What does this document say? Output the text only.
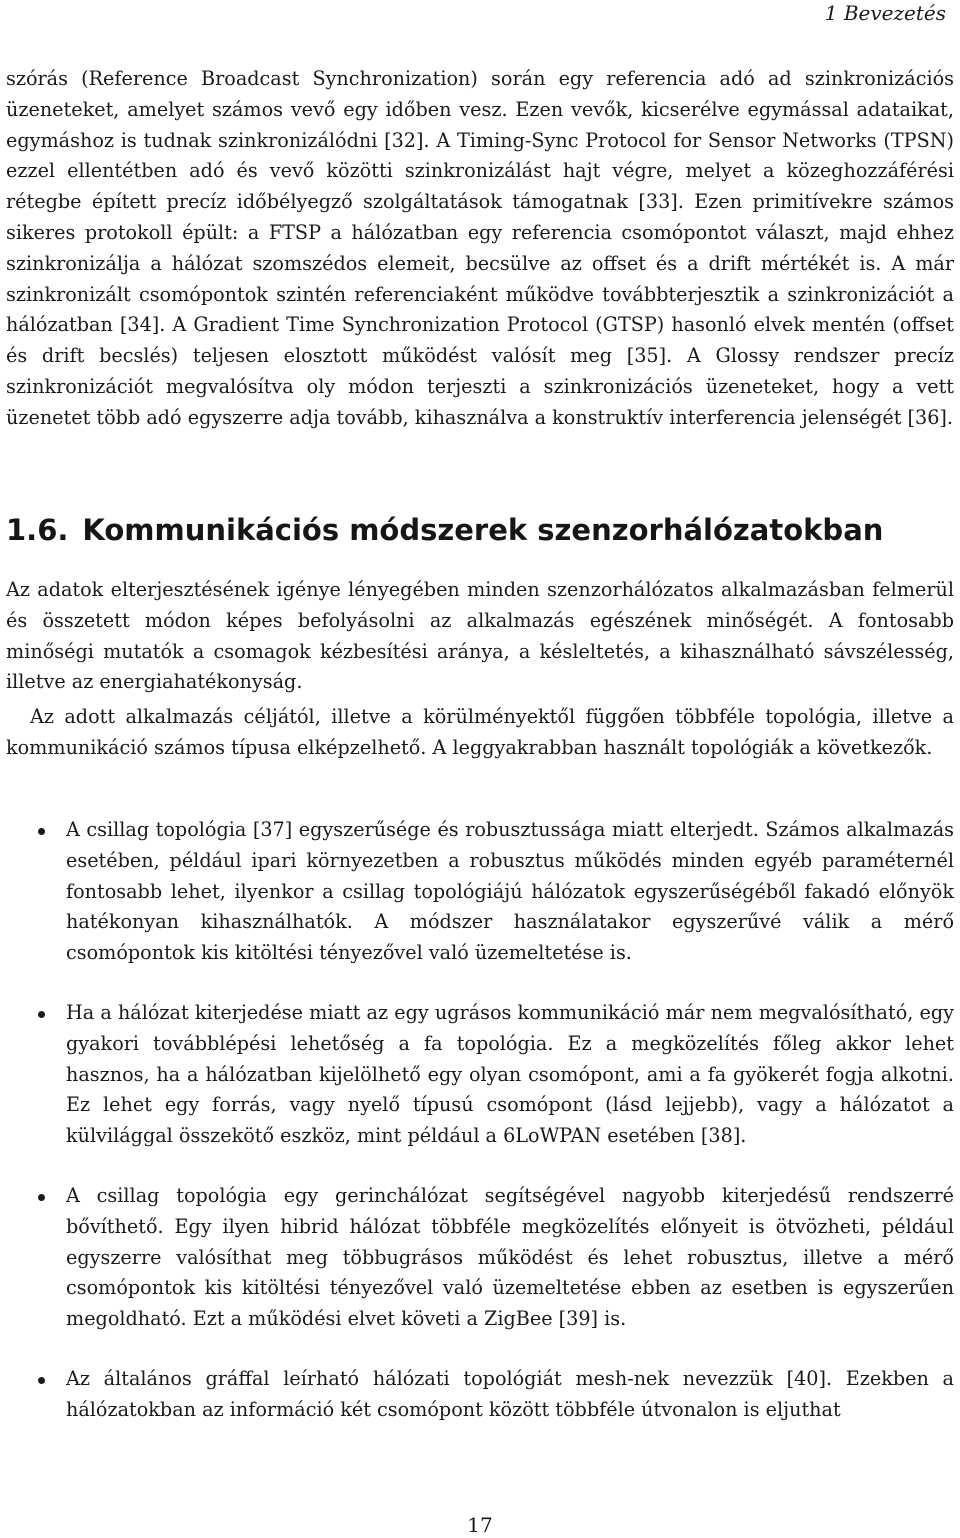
1 Bevezetés

szórás (Reference Broadcast Synchronization) során egy referencia adó ad szinkronizációs üzeneteket, amelyet számos vevő egy időben vesz. Ezen vevők, kicserélve egymással adataikat, egymáshoz is tudnak szinkronizálódni [32]. A Timing-Sync Protocol for Sensor Networks (TPSN) ezzel ellentétben adó és vevő közötti szinkronizálást hajt végre, melyet a közeghozzáférési rétegbe épített precíz időbélyegző szolgáltatások támogatnak [33]. Ezen primitívekre számos sikeres protokoll épült: a FTSP a hálózatban egy referencia csomópontot választ, majd ehhez szinkronizálja a hálózat szomszédos elemeit, becsülve az offset és a drift mértékét is. A már szinkronizált csomópontok szintén referenciaként működve továbbterjesztik a szinkronizációt a hálózatban [34]. A Gradient Time Synchronization Protocol (GTSP) hasonló elvek mentén (offset és drift becslés) teljesen elosztott működést valósít meg [35]. A Glossy rendszer precíz szinkronizációt megvalósítva oly módon terjeszti a szinkronizációs üzeneteket, hogy a vett üzenetet több adó egyszerre adja tovább, kihasználva a konstruktív interferencia jelenségét [36].

1.6. Kommunikációs módszerek szenzorhálózatokban

Az adatok elterjesztésének igénye lényegében minden szenzorhálózatos alkalmazásban felmerül és összetett módon képes befolyásolni az alkalmazás egészének minőségét. A fontosabb minőségi mutatók a csomagok kézbesítési aránya, a késleltetés, a kihasználható sávszélesség, illetve az energiahatékonyság.

Az adott alkalmazás céljától, illetve a körülményektől függően többféle topológia, illetve a kommunikáció számos típusa elképzelhető. A leggyakrabban használt topológiák a következők.

A csillag topológia [37] egyszerűsége és robusztussága miatt elterjedt. Számos alkalmazás esetében, például ipari környezetben a robusztus működés minden egyéb paraméternél fontosabb lehet, ilyenkor a csillag topológiájú hálózatok egyszerűségéből fakadó előnyök hatékonyan kihasználhatók. A módszer használatakor egyszerűvé válik a mérő csomópontok kis kitöltési tényezővel való üzemeltetése is.
Ha a hálózat kiterjedése miatt az egy ugrásos kommunikáció már nem megvalósítható, egy gyakori továbblépési lehetőség a fa topológia. Ez a megközelítés főleg akkor lehet hasznos, ha a hálózatban kijelölhető egy olyan csomópont, ami a fa gyökerét fogja alkotni. Ez lehet egy forrás, vagy nyelő típusú csomópont (lásd lejjebb), vagy a hálózatot a külvilággal összekötő eszköz, mint például a 6LoWPAN esetében [38].
A csillag topológia egy gerinchálózat segítségével nagyobb kiterjedésű rendszerré bővíthető. Egy ilyen hibrid hálózat többféle megközelítés előnyeit is ötvözheti, például egyszerre valósíthat meg többugrásos működést és lehet robusztus, illetve a mérő csomópontok kis kitöltési tényezővel való üzemeltetése ebben az esetben is egyszerűen megoldható. Ezt a működési elvet követi a ZigBee [39] is.
Az általános gráffal leírható hálózati topológiát mesh-nek nevezzük [40]. Ezekben a hálózatokban az információ két csomópont között többféle útvonalon is eljuthat
17
